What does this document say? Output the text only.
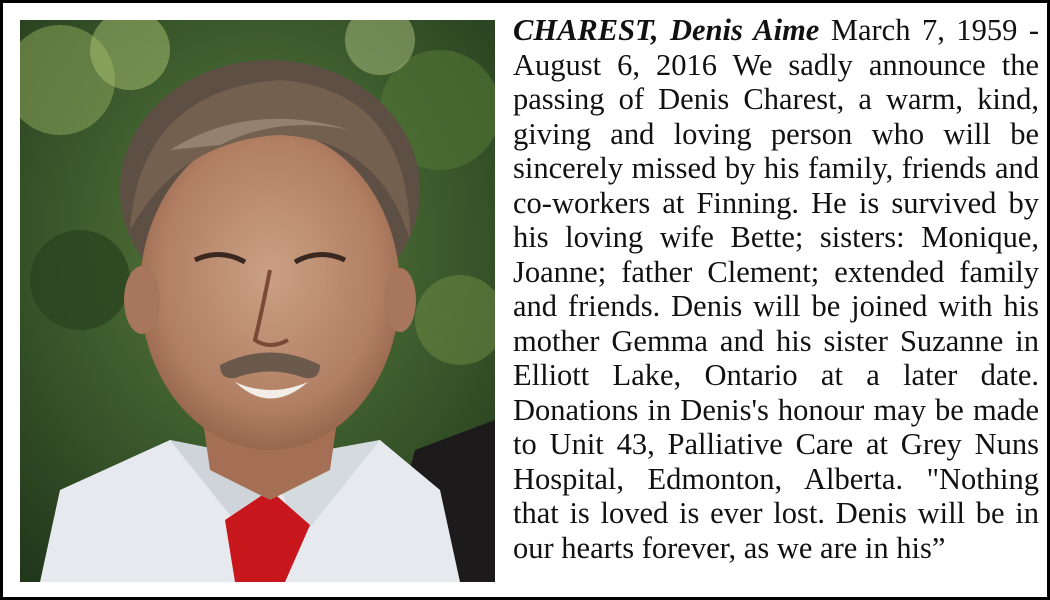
CHAREST, Denis Aime March 7, 1959 - August 6, 2016 We sadly announce the passing of Denis Charest, a warm, kind, giving and loving person who will be sincerely missed by his family, friends and co-workers at Finning. He is survived by his loving wife Bette; sisters: Monique, Joanne; father Clement; extended family and friends. Denis will be joined with his mother Gemma and his sister Suzanne in Elliott Lake, Ontario at a later date. Donations in Denis's honour may be made to Unit 43, Palliative Care at Grey Nuns Hospital, Edmonton, Alberta. "Nothing that is loved is ever lost. Denis will be in our hearts forever, as we are in his”
